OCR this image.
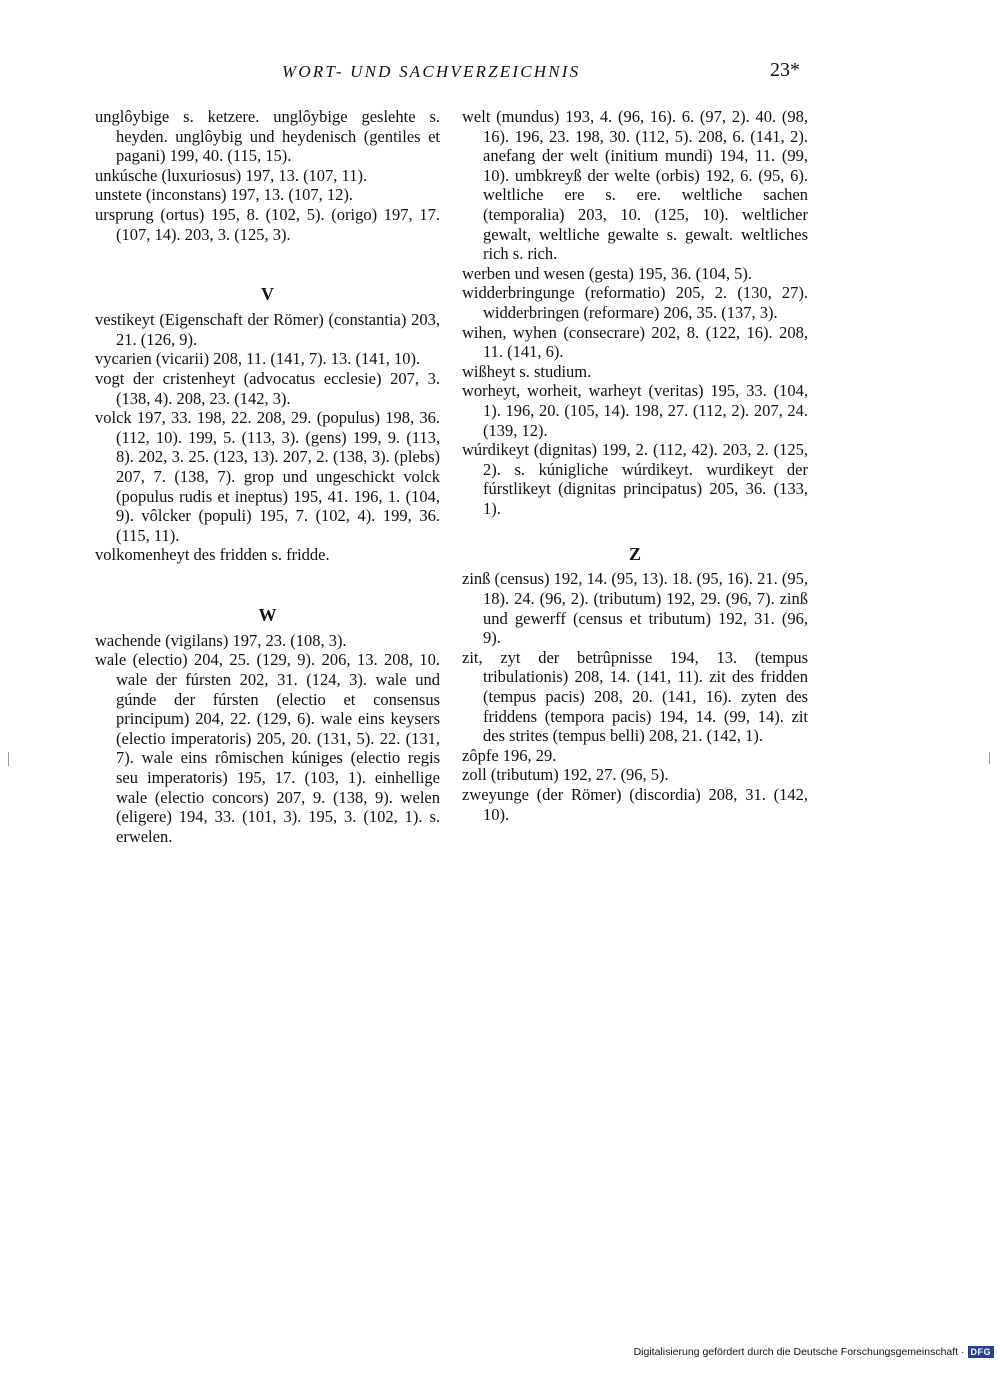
WORT- UND SACHVERZEICHNIS	23*
unglôybige s. ketzere. unglôybige geslehte s. heyden. unglôybig und heydenisch (gentiles et pagani) 199, 40. (115, 15).
unkúsche (luxuriosus) 197, 13. (107, 11).
unstete (inconstans) 197, 13. (107, 12).
ursprung (ortus) 195, 8. (102, 5). (origo) 197, 17. (107, 14). 203, 3. (125, 3).
V
vestikeyt (Eigenschaft der Römer) (constantia) 203, 21. (126, 9).
vycarien (vicarii) 208, 11. (141, 7). 13. (141, 10).
vogt der cristenheyt (advocatus ecclesie) 207, 3. (138, 4). 208, 23. (142, 3).
volck 197, 33. 198, 22. 208, 29. (populus) 198, 36. (112, 10). 199, 5. (113, 3). (gens) 199, 9. (113, 8). 202, 3. 25. (123, 13). 207, 2. (138, 3). (plebs) 207, 7. (138, 7). grop und ungeschickt volck (populus rudis et ineptus) 195, 41. 196, 1. (104, 9). vôlcker (populi) 195, 7. (102, 4). 199, 36. (115, 11).
volkomenheyt des fridden s. fridde.
W
wachende (vigilans) 197, 23. (108, 3).
wale (electio) 204, 25. (129, 9). 206, 13. 208, 10. wale der fúrsten 202, 31. (124, 3). wale und gúnde der fúrsten (electio et consensus principum) 204, 22. (129, 6). wale eins keysers (electio imperatoris) 205, 20. (131, 5). 22. (131, 7). wale eins rômischen kúniges (electio regis seu imperatoris) 195, 17. (103, 1). einhellige wale (electio concors) 207, 9. (138, 9). welen (eligere) 194, 33. (101, 3). 195, 3. (102, 1). s. erwelen.
welt (mundus) 193, 4. (96, 16). 6. (97, 2). 40. (98, 16). 196, 23. 198, 30. (112, 5). 208, 6. (141, 2). anefang der welt (initium mundi) 194, 11. (99, 10). umbkreyß der welte (orbis) 192, 6. (95, 6). weltliche ere s. ere. weltliche sachen (temporalia) 203, 10. (125, 10). weltlicher gewalt, weltliche gewalte s. gewalt. weltliches rich s. rich.
werben und wesen (gesta) 195, 36. (104, 5).
widderbringunge (reformatio) 205, 2. (130, 27). widderbringen (reformare) 206, 35. (137, 3).
wihen, wyhen (consecrare) 202, 8. (122, 16). 208, 11. (141, 6).
wißheyt s. studium.
worheyt, worheit, warheyt (veritas) 195, 33. (104, 1). 196, 20. (105, 14). 198, 27. (112, 2). 207, 24. (139, 12).
wúrdikeyt (dignitas) 199, 2. (112, 42). 203, 2. (125, 2). s. kúnigliche wúrdikeyt. wurdikeyt der fúrstlikeyt (dignitas principatus) 205, 36. (133, 1).
Z
zinß (census) 192, 14. (95, 13). 18. (95, 16). 21. (95, 18). 24. (96, 2). (tributum) 192, 29. (96, 7). zinß und gewerff (census et tributum) 192, 31. (96, 9).
zit, zyt der betrûpnisse 194, 13. (tempus tribulationis) 208, 14. (141, 11). zit des fridden (tempus pacis) 208, 20. (141, 16). zyten des friddens (tempora pacis) 194, 14. (99, 14). zit des strites (tempus belli) 208, 21. (142, 1).
zôpfe 196, 29.
zoll (tributum) 192, 27. (96, 5).
zweyunge (der Römer) (discordia) 208, 31. (142, 10).
Digitalisierung gefördert durch die Deutsche Forschungsgemeinschaft · DFG
